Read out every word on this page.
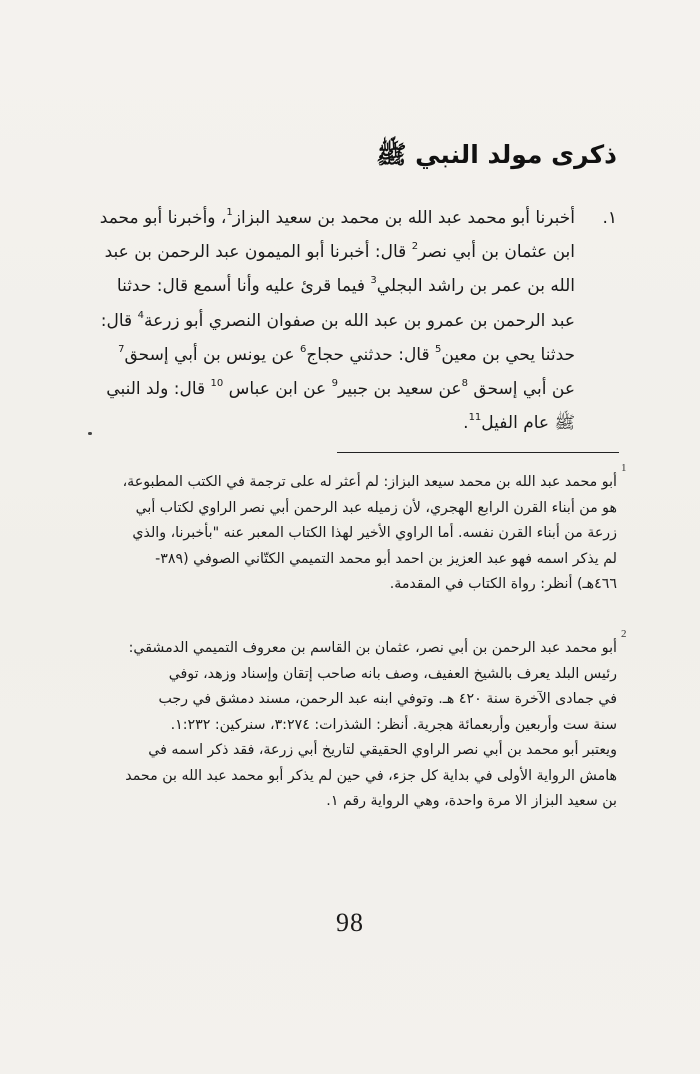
ذكرى مولد النبي ﷺ
١.

أخبرنا أبو محمد عبد الله بن محمد بن سعيد البزاز$^1$، وأخبرنا أبو محمد

ابن عثمان بن أبي نصر$^2$ قال: أخبرنا أبو الميمون عبد الرحمن بن عبد

الله بن عمر بن راشد البجلي$^3$ فيما قرئ عليه وأنا أسمع قال: حدثنا

عبد الرحمن بن عمرو بن عبد الله بن صفوان النصري أبو زرعة$^4$ قال:

حدثنا يحي بن معين$^5$ قال: حدثني حجاج$^6$ عن يونس بن أبي إسحق$^7$

عن أبي إسحق $^8$عن سعيد بن جبير$^9$ عن ابن عباس $^{10}$ قال: ولد النبي

ﷺ عام الفيل$^{11}$.

1

أبو محمد عبد الله بن محمد سيعد البزاز: لم أعثر له على ترجمة في الكتب المطبوعة،

هو من أبناء القرن الرابع الهجري، لأن زميله عبد الرحمن أبي نصر الراوي لكتاب أبي

زرعة من أبناء القرن نفسه. أما الراوي الأخير لهذا الكتاب المعبر عنه "بأخبرنا، والذي

لم يذكر اسمه فهو عبد العزيز بن احمد أبو محمد التميمي الكتّاني الصوفي (٣٨٩-

٤٦٦هـ) أنظر: رواة الكتاب في المقدمة.

2

أبو محمد عبد الرحمن بن أبي نصر، عثمان بن القاسم بن معروف التميمي الدمشقي:

رئيس البلد يعرف بالشيخ العفيف، وصف بانه صاحب إتقان وإسناد وزهد، توفي

في جمادى الآخرة سنة ٤٢٠ هـ. وتوفي ابنه عبد الرحمن، مسند دمشق في رجب

سنة ست وأربعين وأربعمائة هجرية. أنظر: الشذرات: ٣:٢٧٤، سنركين: ١:٢٣٢.

ويعتبر أبو محمد بن أبي نصر الراوي الحقيقي لتاريخ أبي زرعة، فقد ذكر اسمه في

هامش الرواية الأولى في بداية كل جزء، في حين لم يذكر أبو محمد عبد الله بن محمد

بن سعيد البزاز الا مرة واحدة، وهي الرواية رقم ١.

98
